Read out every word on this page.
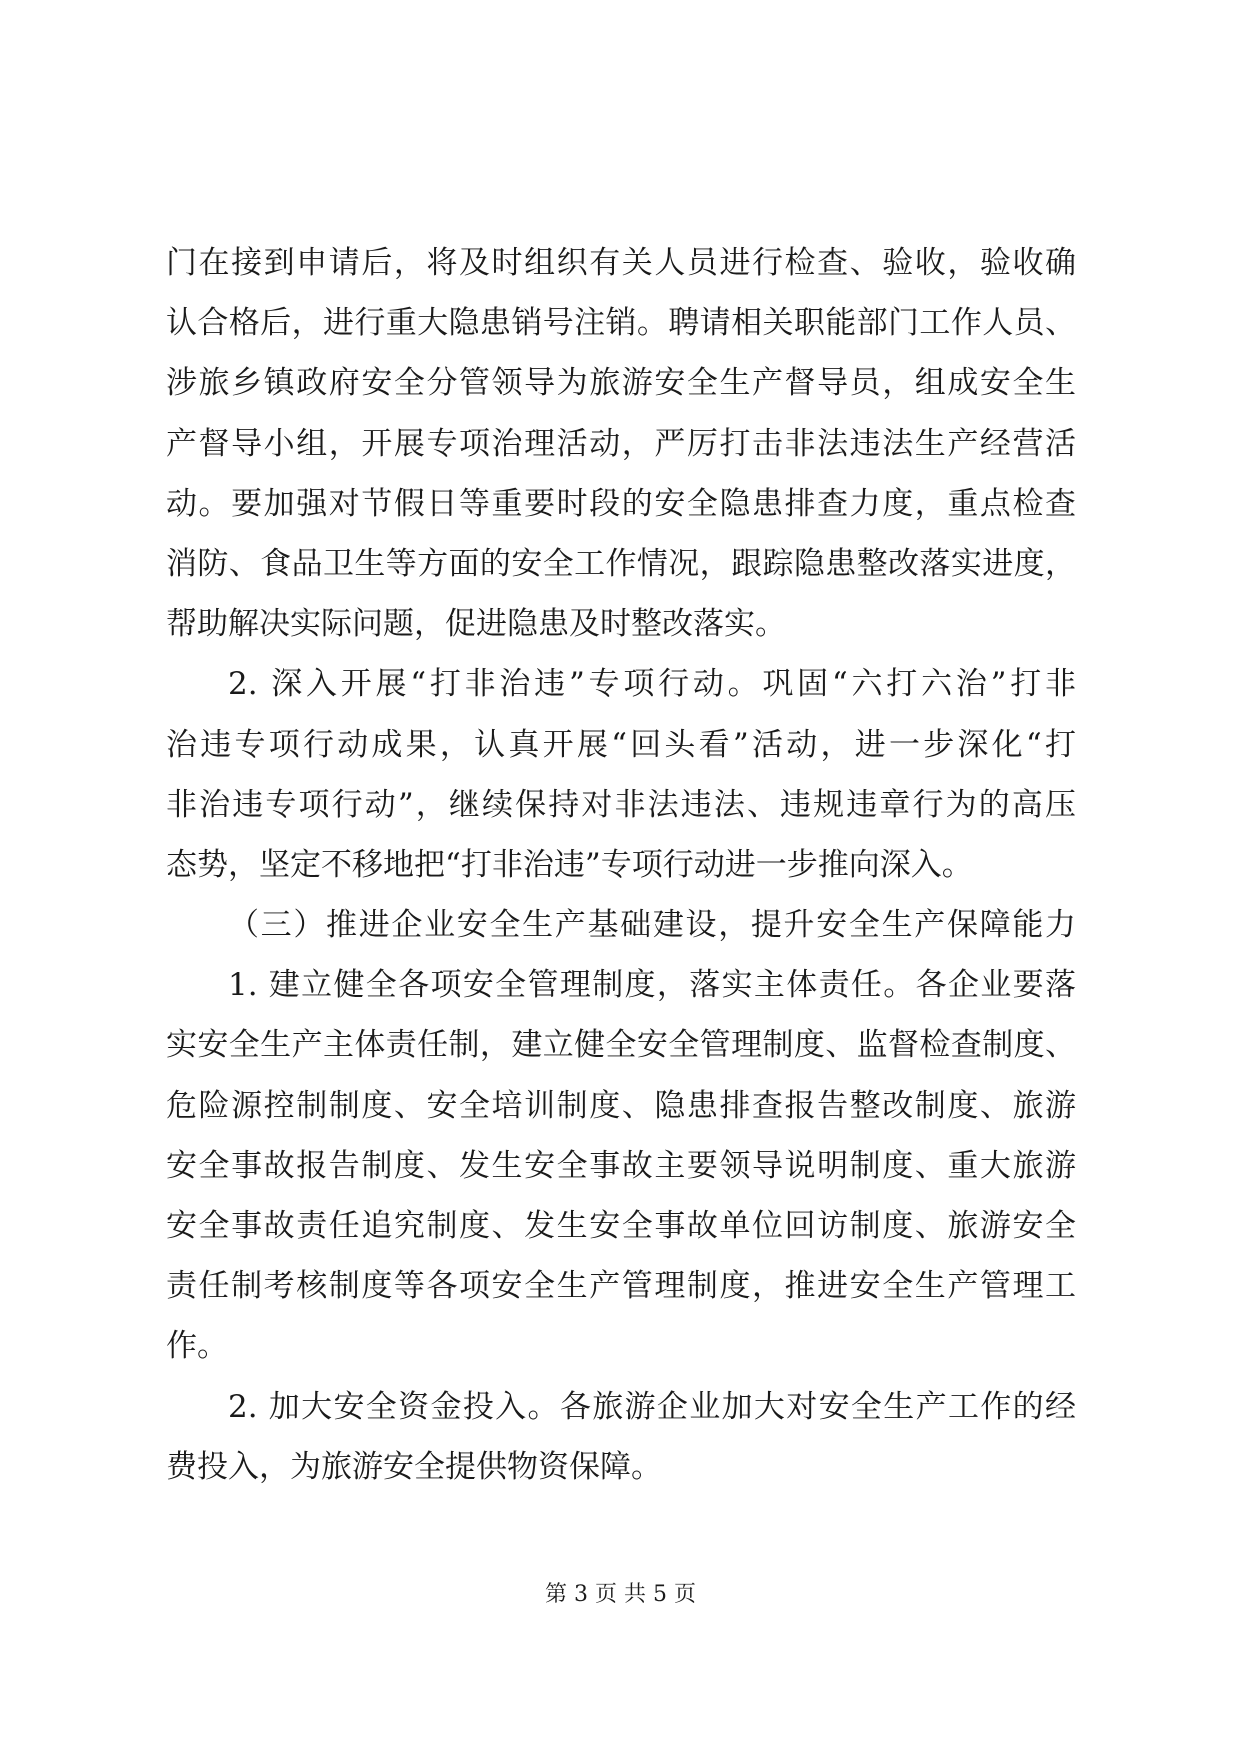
门在接到申请后，将及时组织有关人员进行检查、验收，验收确
认合格后，进行重大隐患销号注销。聘请相关职能部门工作人员、
涉旅乡镇政府安全分管领导为旅游安全生产督导员，组成安全生
产督导小组，开展专项治理活动，严厉打击非法违法生产经营活
动。要加强对节假日等重要时段的安全隐患排查力度，重点检查
消防、食品卫生等方面的安全工作情况，跟踪隐患整改落实进度，
帮助解决实际问题，促进隐患及时整改落实。
2. 深入开展“打非治违”专项行动。巩固“六打六治”打非
治违专项行动成果，认真开展“回头看”活动，进一步深化“打
非治违专项行动”，继续保持对非法违法、违规违章行为的高压
态势，坚定不移地把“打非治违”专项行动进一步推向深入。
（三）推进企业安全生产基础建设，提升安全生产保障能力
1. 建立健全各项安全管理制度，落实主体责任。各企业要落
实安全生产主体责任制，建立健全安全管理制度、监督检查制度、
危险源控制制度、安全培训制度、隐患排查报告整改制度、旅游
安全事故报告制度、发生安全事故主要领导说明制度、重大旅游
安全事故责任追究制度、发生安全事故单位回访制度、旅游安全
责任制考核制度等各项安全生产管理制度，推进安全生产管理工
作。
2. 加大安全资金投入。各旅游企业加大对安全生产工作的经
费投入，为旅游安全提供物资保障。
第 3 页 共 5 页
